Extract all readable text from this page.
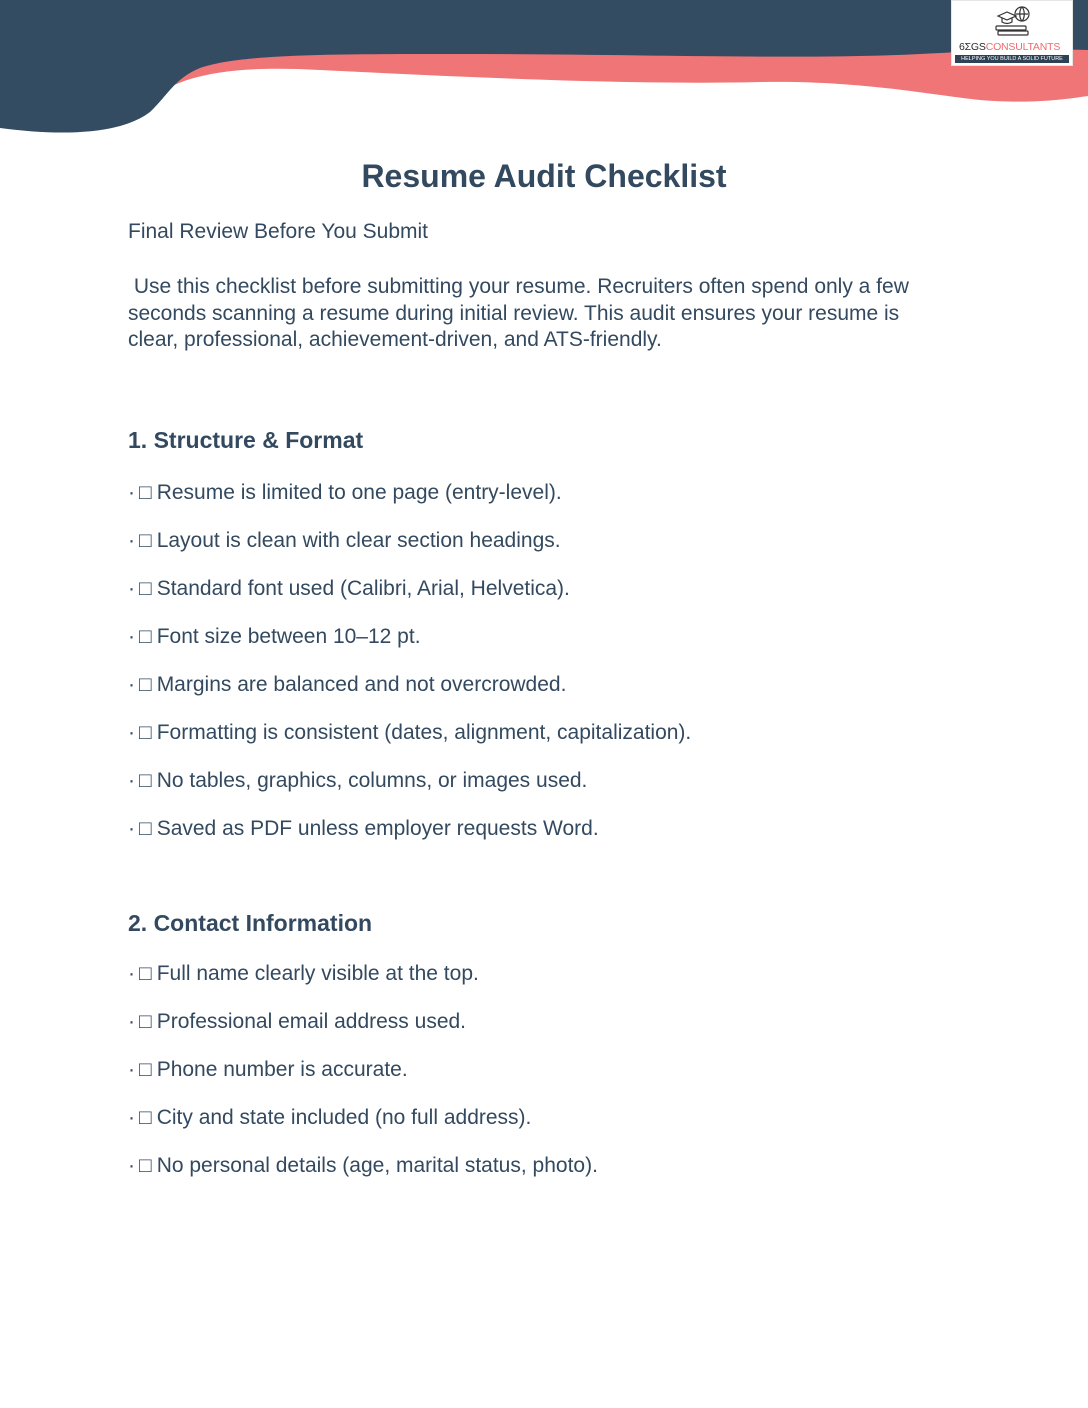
6ΣGSCONSULTANTS
HELPING YOU BUILD A SOLID FUTURE
Resume Audit Checklist

Final Review Before You Submit

Use this checklist before submitting your resume. Recruiters often spend only a few seconds scanning a resume during initial review. This audit ensures your resume is clear, professional, achievement-driven, and ATS-friendly.

1. Structure & Format
· □ Resume is limited to one page (entry-level).
· □ Layout is clean with clear section headings.
· □ Standard font used (Calibri, Arial, Helvetica).
· □ Font size between 10–12 pt.
· □ Margins are balanced and not overcrowded.
· □ Formatting is consistent (dates, alignment, capitalization).
· □ No tables, graphics, columns, or images used.
· □ Saved as PDF unless employer requests Word.
2. Contact Information
· □ Full name clearly visible at the top.
· □ Professional email address used.
· □ Phone number is accurate.
· □ City and state included (no full address).
· □ No personal details (age, marital status, photo).
